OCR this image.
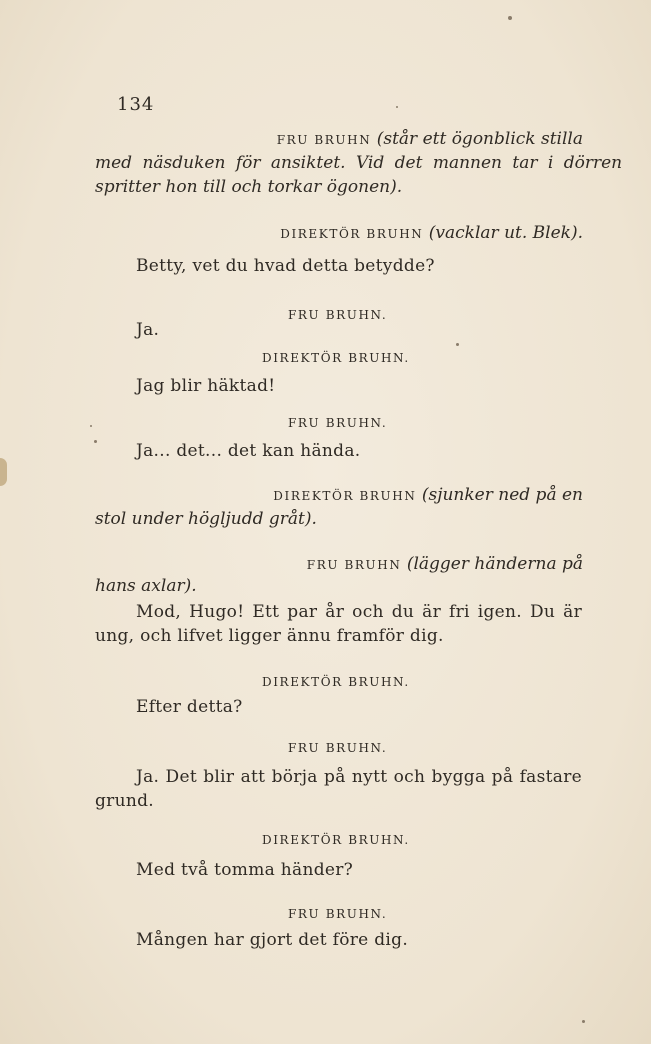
134
FRU BRUHN (står ett ögonblick stilla
med näsduken för ansiktet. Vid det mannen tar i dörren
spritter hon till och torkar ögonen).
DIREKTÖR BRUHN (vacklar ut. Blek).
Betty, vet du hvad detta betydde?
FRU BRUHN.
Ja.
DIREKTÖR BRUHN.
Jag blir häktad!
FRU BRUHN.
Ja... det... det kan hända.
DIREKTÖR BRUHN (sjunker ned på en
stol under högljudd gråt).
FRU BRUHN (lägger händerna på
hans axlar).
Mod, Hugo! Ett par år och du är fri igen. Du är
ung, och lifvet ligger ännu framför dig.
DIREKTÖR BRUHN.
Efter detta?
FRU BRUHN.
Ja. Det blir att börja på nytt och bygga på fastare
grund.
DIREKTÖR BRUHN.
Med två tomma händer?
FRU BRUHN.
Mången har gjort det före dig.
